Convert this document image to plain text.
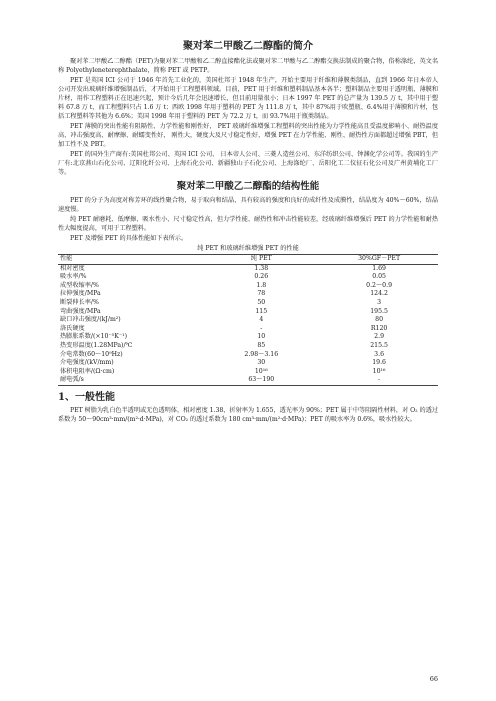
聚对苯二甲酸乙二醇酯的简介

聚对苯二甲酸乙二醇酯（PET)为聚对苯二甲酸和乙二醇直接酯化法或聚对苯二甲酸与乙二醇酯交换法制成的聚合物，俗称涤纶，英文名称 Polyethyleneterephthalate，简称 PET 或 PETP。

PET 是英国 ICI 公司于 1946 年首先工业化的，美国杜邦于 1948 年生产，开始主要用于纤维和薄膜类制品，直到 1966 年日本帝人公司开发出玻璃纤维增强制品后，才开始用于工程塑料领域。目前，PET 用于纤维和塑料制品基本各半；塑料制品主要用于透明瓶、薄膜和片材，用作工程塑料正在迅速兴起，预计今后几年会迅速增长，但目前用量很小；日本 1997 年 PET 的总产量为 139.5 万 t，其中用于塑料 67.8 万 t，而工程塑料只占 1.6 万 t；西欧 1998 年用于塑料的 PET 为 111.8 万 t，其中 87%用于吹塑瓶、6.4%用于薄膜和片材，包括工程塑料等其他为 6.6%；美国 1998 年用于塑料的 PET 为 72.2 万 t，而 93.7%用于瓶类制品。

PET 薄膜的突出性能有阻隔性、力学性能和刚性好， PET 玻璃纤维增强工程塑料的突出性能为力学性能高且受温度影响小、耐热温度高、冲击强度高、耐摩擦、耐蠕变性好， 刚性大，硬度大及尺寸稳定性好，增强 PET 在力学性能、刚性、耐热性方面都超过增强 PBT，但加工性不及 PBT。

PET 的国外生产商有:美国杜邦公司、英国 ICI 公司、 日本帝人公司、三菱人造丝公司、东洋纺织公司、钟渊化学公司等。我国的生产厂有:北京燕山石化公司、辽阳化纤公司、上海石化公司、新疆独山子石化公司、上海涤纶厂、岳阳化工二仪征石化公司及广州黄埔化工厂等。

聚对苯二甲酸乙二醇酯的结构性能

PET 的分子为高度对称芳环的线性聚合物，易于取向和结晶，具有较高的强度和良好的成纤性及成膜性，结晶度为 40%～60%，结晶速度慢。

纯 PET 耐磨耗、低摩擦、吸水性小、尺寸稳定性高，但力学性能、耐热性和冲击性能较差，经玻璃纤维增强后 PET 的力学性能和耐热性大幅度提高，可用于工程塑料。

PET 及增强 PET 的具体性能如下表所示。

纯 PET 和玻璃纤维增强 PET 的性能
性能	纯 PET	30%GF－PET
相对密度	1.38	1.69
吸水率/%	0.26	0.05
成型收缩率/%	1.8	0.2～0.9
拉伸强度/MPa	78	124.2
断裂伸长率/%	50	3
弯曲强度/MPa	115	195.5
缺口冲击强度/(kJ/m²)	4	80
洛氏硬度	-	R120
热膨胀系数/(×10⁻⁵K⁻¹)	10	2.9
热变形温度(1.28MPa)/℃	85	215.5
介电常数(60～10⁹Hz)	2.98～3.16	3.6
介电强度/(kV/mm)	30	19.6
体积电阻率/(Ω·cm)	10¹⁶	10¹⁶
耐电弧/s	63～190	-
1、一般性能

PET 树脂为乳白色半透明或无色透明体，相对密度 1.38，折射率为 1.655，透光率为 90%；PET 属于中等阻隔性材料，对 O₂ 的透过系数为 50～90cm³·mm/(m²·d·MPa)，对 CO₂ 的透过系数为 180 cm³·mm/(m²·d·MPa)；PET 的吸水率为 0.6%，吸水性较大。

66
